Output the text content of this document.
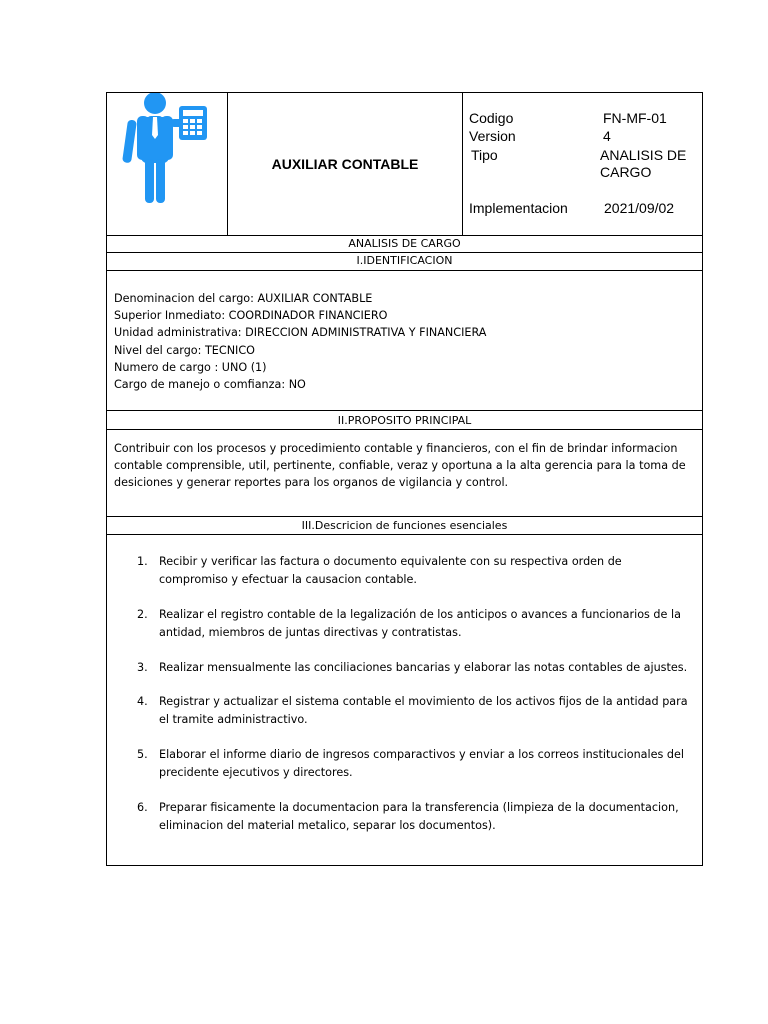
AUXILIAR CONTABLE
Codigo	FN-MF-01
Version	4
Tipo	ANALISIS DE
CARGO
Implementacion	2021/09/02
ANALISIS DE CARGO
I.IDENTIFICACION
Denominacion del cargo: AUXILIAR CONTABLE
Superior Inmediato: COORDINADOR FINANCIERO
Unidad administrativa: DIRECCION ADMINISTRATIVA Y FINANCIERA
Nivel del cargo: TECNICO
Numero de cargo : UNO (1)
Cargo de manejo o comfianza: NO
II.PROPOSITO PRINCIPAL
Contribuir con los procesos y procedimiento contable y financieros, con el fin de brindar informacion contable comprensible, util, pertinente, confiable, veraz y oportuna a la alta gerencia para la toma de desiciones y generar reportes para los organos de vigilancia y control.
III.Descricion de funciones esenciales
1. Recibir y verificar las factura o documento equivalente con su respectiva orden de compromiso y efectuar la causacion contable.
2. Realizar el registro contable de la legalización de los anticipos o avances a funcionarios de la antidad, miembros de juntas directivas y contratistas.
3. Realizar mensualmente las conciliaciones bancarias y elaborar las notas contables de ajustes.
4. Registrar y actualizar el sistema contable el movimiento de los activos fijos de la antidad para el tramite administractivo.
5. Elaborar el informe diario de ingresos comparactivos y enviar a los correos institucionales del precidente ejecutivos y directores.
6. Preparar fisicamente la documentacion para la transferencia (limpieza de la documentacion, eliminacion del material metalico, separar los documentos).
